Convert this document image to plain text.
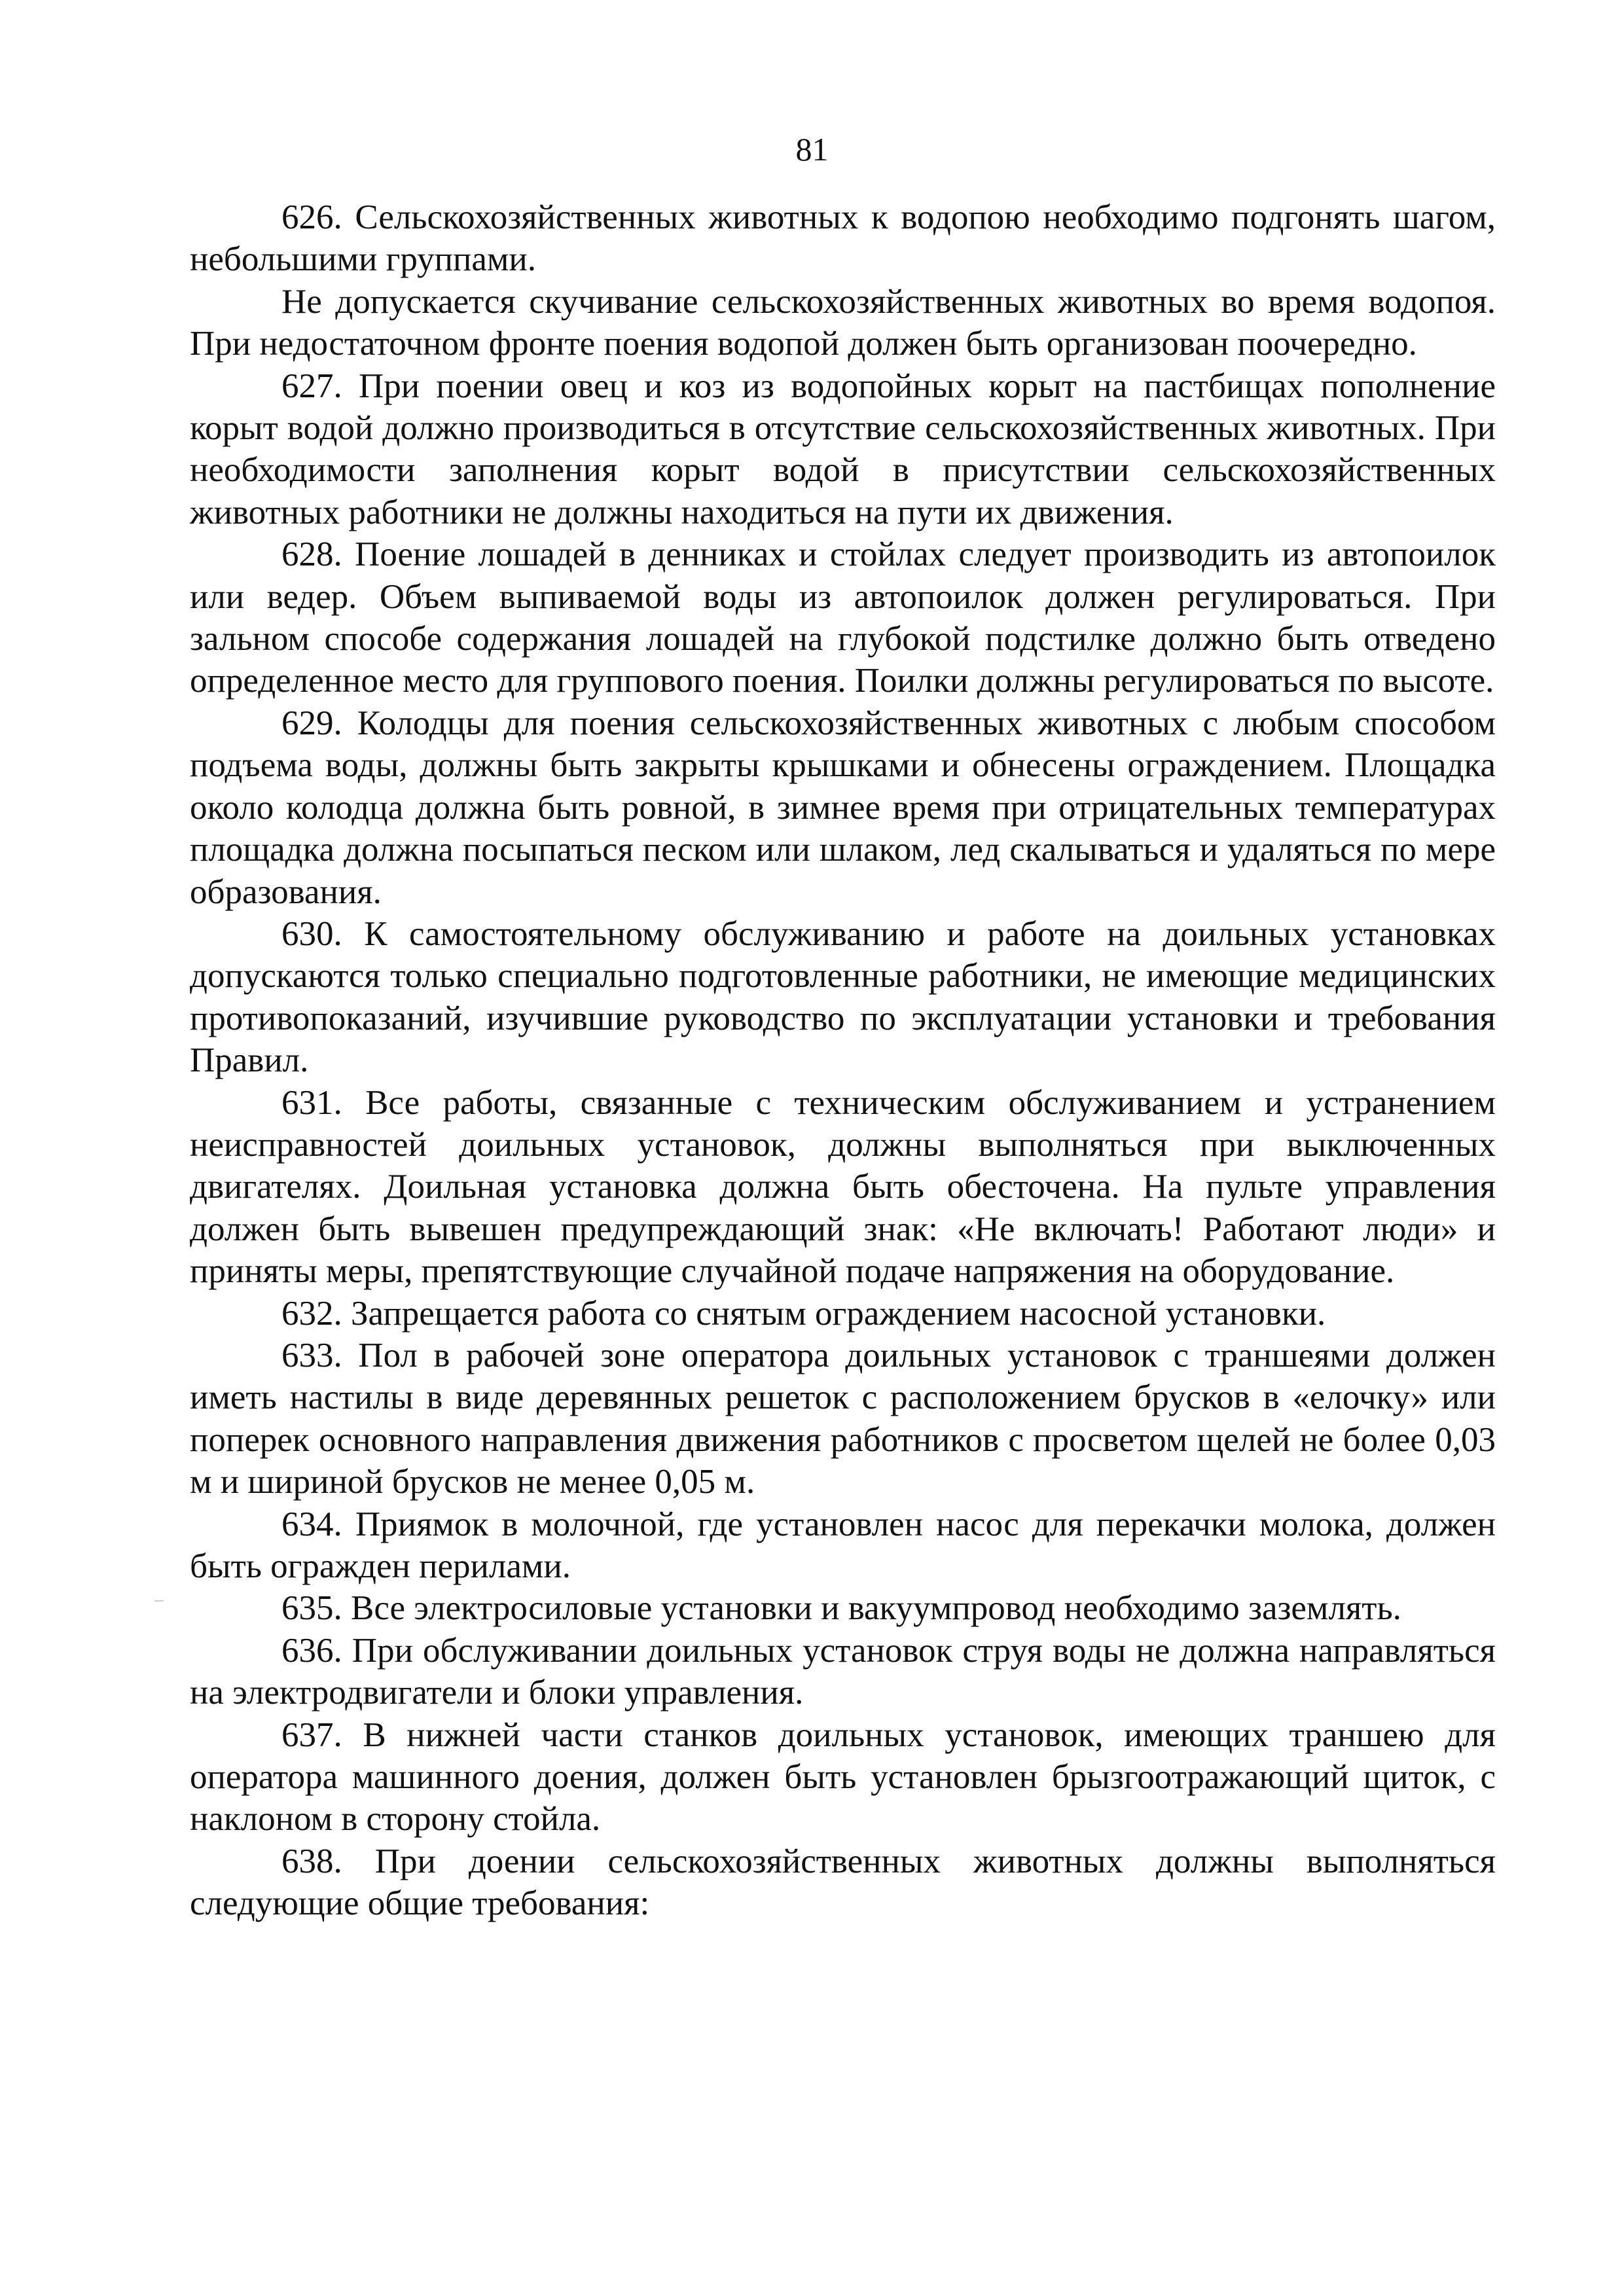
81

626. Сельскохозяйственных животных к водопою необходимо подгонять шагом, небольшими группами.

Не допускается скучивание сельскохозяйственных животных во время водопоя. При недостаточном фронте поения водопой должен быть организован поочередно.

627. При поении овец и коз из водопойных корыт на пастбищах пополнение корыт водой должно производиться в отсутствие сельскохозяйственных животных. При необходимости заполнения корыт водой в присутствии сельскохозяйственных животных работники не должны находиться на пути их движения.

628. Поение лошадей в денниках и стойлах следует производить из автопоилок или ведер. Объем выпиваемой воды из автопоилок должен регулироваться. При зальном способе содержания лошадей на глубокой подстилке должно быть отведено определенное место для группового поения. Поилки должны регулироваться по высоте.

629. Колодцы для поения сельскохозяйственных животных с любым способом подъема воды, должны быть закрыты крышками и обнесены ограждением. Площадка около колодца должна быть ровной, в зимнее время при отрицательных температурах площадка должна посыпаться песком или шлаком, лед скалываться и удаляться по мере образования.

630. К самостоятельному обслуживанию и работе на доильных установках допускаются только специально подготовленные работники, не имеющие медицинских противопоказаний, изучившие руководство по эксплуатации установки и требования Правил.

631. Все работы, связанные с техническим обслуживанием и устранением неисправностей доильных установок, должны выполняться при выключенных двигателях. Доильная установка должна быть обесточена. На пульте управления должен быть вывешен предупреждающий знак: «Не включать! Работают люди» и приняты меры, препятствующие случайной подаче напряжения на оборудование.

632. Запрещается работа со снятым ограждением насосной установки.

633. Пол в рабочей зоне оператора доильных установок с траншеями должен иметь настилы в виде деревянных решеток с расположением брусков в «елочку» или поперек основного направления движения работников с просветом щелей не более 0,03 м и шириной брусков не менее 0,05 м.

634. Приямок в молочной, где установлен насос для перекачки молока, должен быть огражден перилами.

635. Все электросиловые установки и вакуумпровод необходимо заземлять.

636. При обслуживании доильных установок струя воды не должна направляться на электродвигатели и блоки управления.

637. В нижней части станков доильных установок, имеющих траншею для оператора машинного доения, должен быть установлен брызгоотражающий щиток, с наклоном в сторону стойла.

638. При доении сельскохозяйственных животных должны выполняться следующие общие требования:
